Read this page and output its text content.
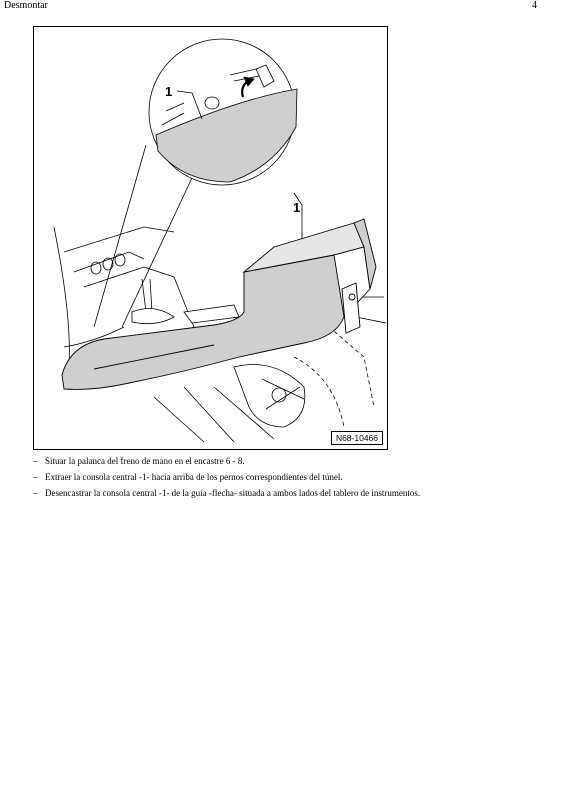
Desmontar	4
1
1
N68-10466
– Situar la palanca del freno de mano en el encastre 6 - 8.
– Extraer la consola central -1- hacia arriba de los pernos correspondientes del túnel.
– Desencastrar la consola central -1- de la guía -flecha- situada a ambos lados del tablero de instrumentos.
